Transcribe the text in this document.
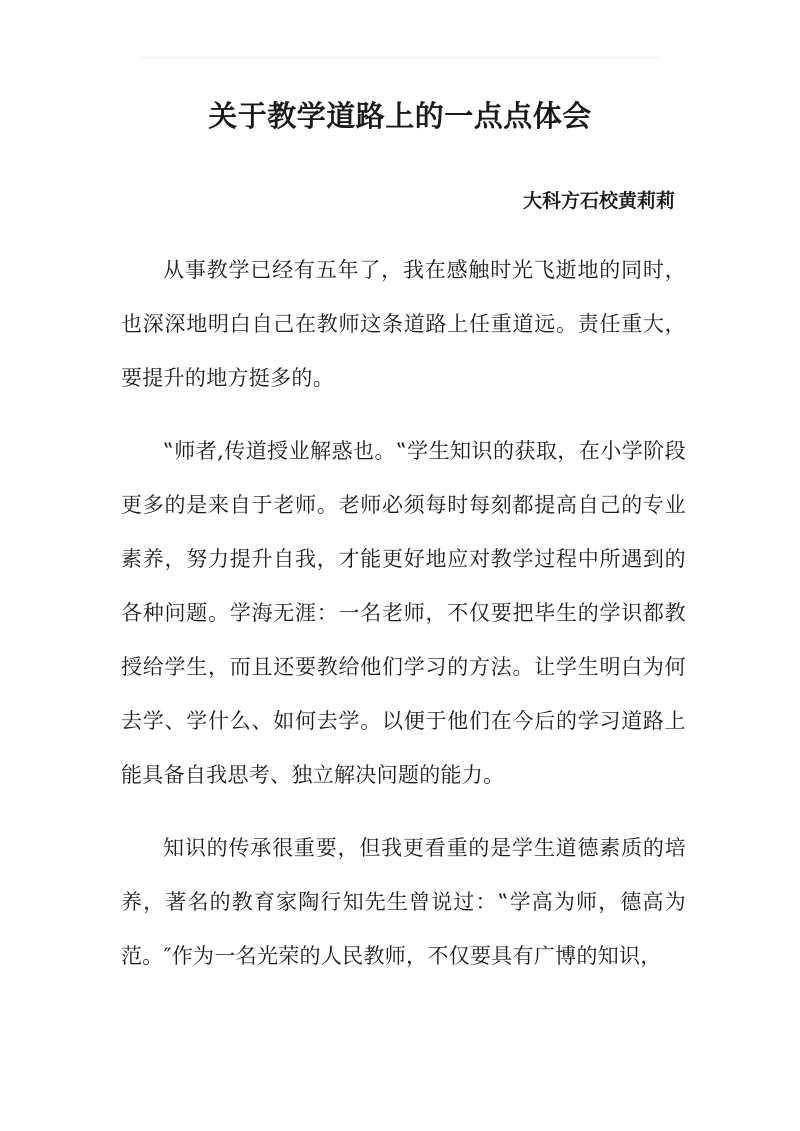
关于教学道路上的一点点体会
大科方石校黄莉莉

从事教学已经有五年了，我在感触时光飞逝地的同时，也深深地明白自己在教师这条道路上任重道远。责任重大，要提升的地方挺多的。

‟师者,传道授业解惑也。‟学生知识的获取，在小学阶段更多的是来自于老师。老师必须每时每刻都提高自己的专业素养，努力提升自我，才能更好地应对教学过程中所遇到的各种问题。学海无涯：一名老师，不仅要把毕生的学识都教授给学生，而且还要教给他们学习的方法。让学生明白为何去学、学什么、如何去学。以便于他们在今后的学习道路上能具备自我思考、独立解决问题的能力。

知识的传承很重要，但我更看重的是学生道德素质的培养，著名的教育家陶行知先生曾说过：‟学高为师，德高为范。″作为一名光荣的人民教师，不仅要具有广博的知识，

···
